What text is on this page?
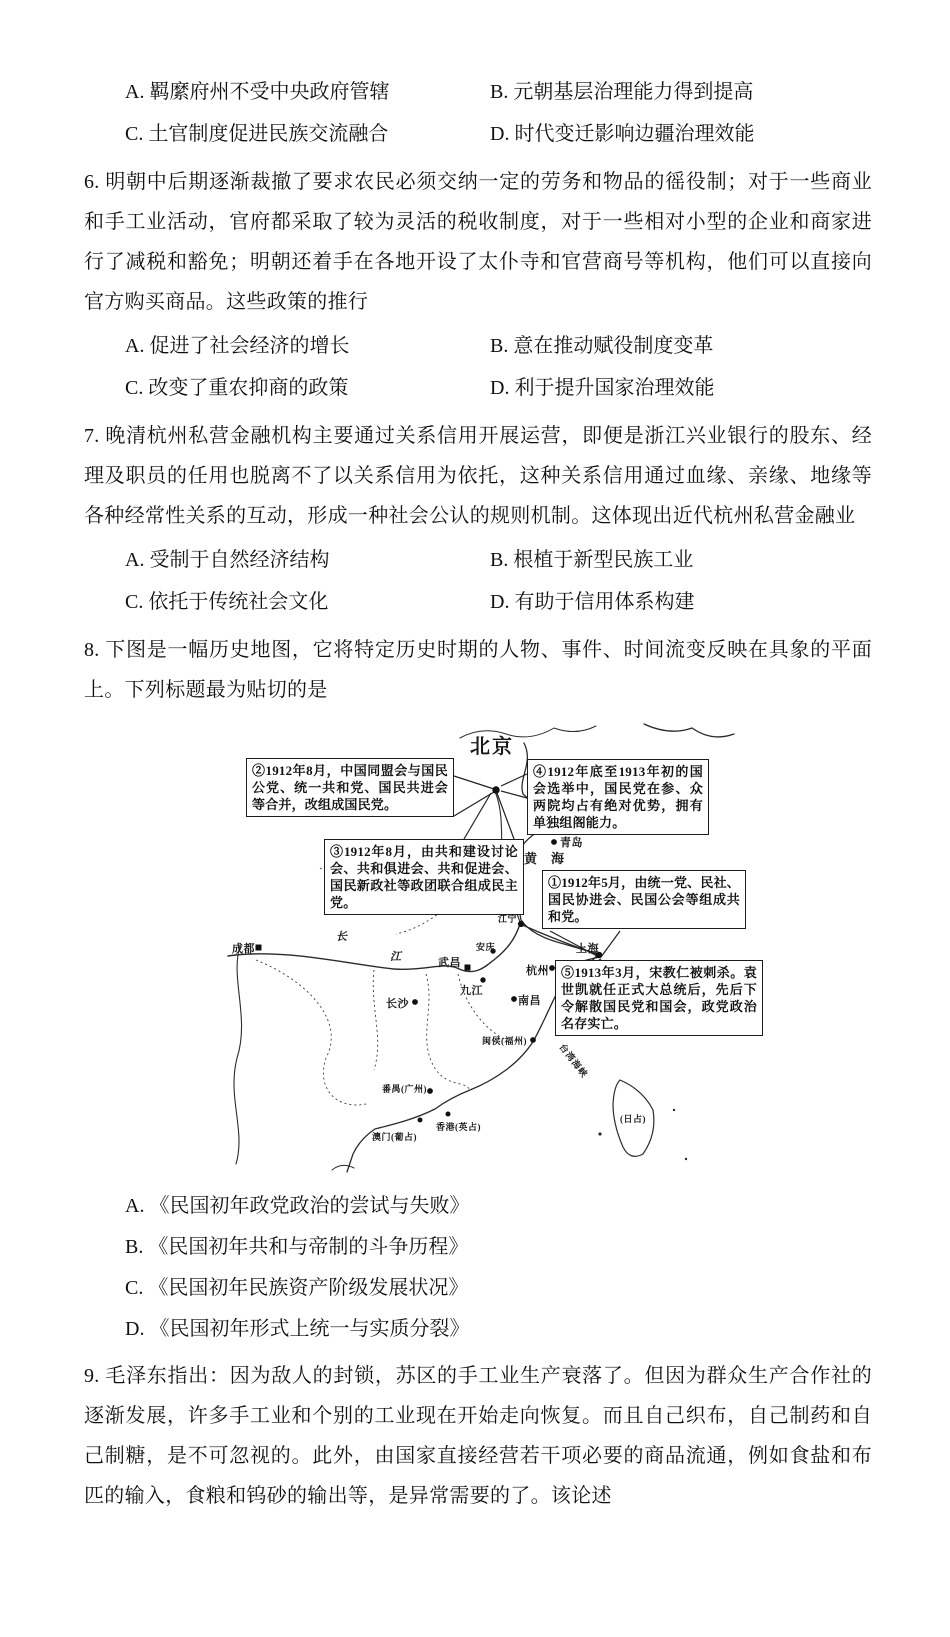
A. 羁縻府州不受中央政府管辖	B. 元朝基层治理能力得到提高
C. 土官制度促进民族交流融合	D. 时代变迁影响边疆治理效能

6. 明朝中后期逐渐裁撤了要求农民必须交纳一定的劳务和物品的徭役制；对于一些商业和手工业活动，官府都采取了较为灵活的税收制度，对于一些相对小型的企业和商家进行了减税和豁免；明朝还着手在各地开设了太仆寺和官营商号等机构，他们可以直接向官方购买商品。这些政策的推行

A. 促进了社会经济的增长	B. 意在推动赋役制度变革
C. 改变了重农抑商的政策	D. 利于提升国家治理效能

7. 晚清杭州私营金融机构主要通过关系信用开展运营，即便是浙江兴业银行的股东、经理及职员的任用也脱离不了以关系信用为依托，这种关系信用通过血缘、亲缘、地缘等各种经常性关系的互动，形成一种社会公认的规则机制。这体现出近代杭州私营金融业

A. 受制于自然经济结构	B. 根植于新型民族工业
C. 依托于传统社会文化	D. 有助于信用体系构建

8. 下图是一幅历史地图，它将特定历史时期的人物、事件、时间流变反映在具象的平面上。下列标题最为贴切的是

②1912年8月，中国同盟会与国民公党、统一共和党、国民共进会等合并，改组成国民党。
④1912年底至1913年初的国会选举中，国民党在参、众两院均占有绝对优势，拥有单独组阁能力。
③1912年8月，由共和建设讨论会、共和俱进会、共和促进会、国民新政社等政团联合组成民主党。
①1912年5月，由统一党、民社、国民协进会、民国公会等组成共和党。
⑤1913年3月，宋教仁被刺杀。袁世凯就任正式大总统后，先后下令解散国民党和国会，政党政治名存实亡。
北京
黄海
台湾海峡
长
江
成都
长沙
武昌
九江
安庆
南昌
江宁
上海
杭州
青岛
闽侯(福州)
番禺(广州)
香港(英占)
澳门(葡占)
(日占)
A. 《民国初年政党政治的尝试与失败》
B. 《民国初年共和与帝制的斗争历程》
C. 《民国初年民族资产阶级发展状况》
D. 《民国初年形式上统一与实质分裂》

9. 毛泽东指出：因为敌人的封锁，苏区的手工业生产衰落了。但因为群众生产合作社的逐渐发展，许多手工业和个别的工业现在开始走向恢复。而且自己织布，自己制药和自己制糖，是不可忽视的。此外，由国家直接经营若干项必要的商品流通，例如食盐和布匹的输入，食粮和钨砂的输出等，是异常需要的了。该论述
